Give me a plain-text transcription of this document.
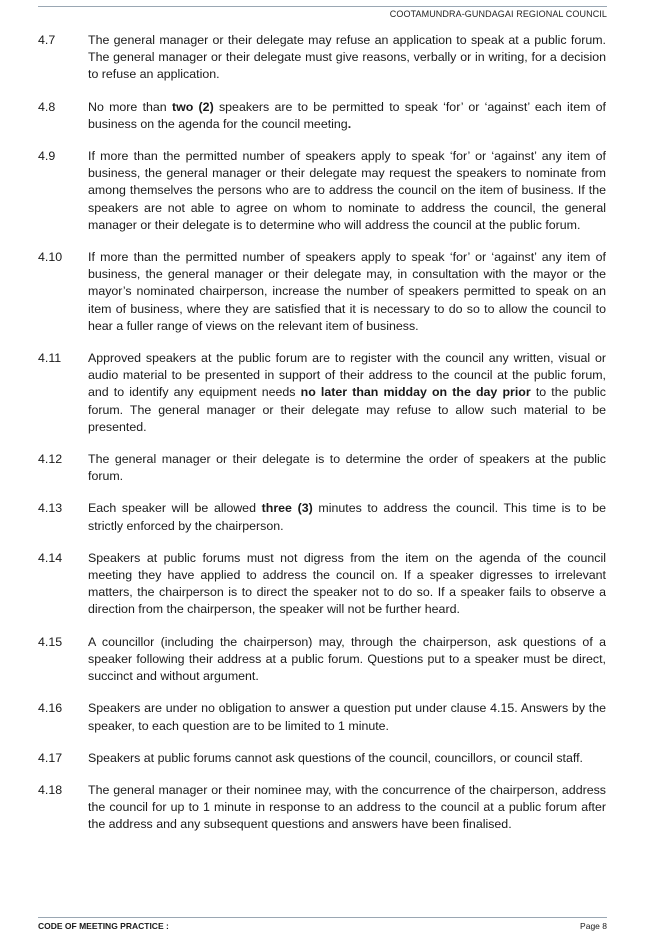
COOTAMUNDRA-GUNDAGAI REGIONAL COUNCIL
4.7	The general manager or their delegate may refuse an application to speak at a public forum. The general manager or their delegate must give reasons, verbally or in writing, for a decision to refuse an application.
4.8	No more than two (2) speakers are to be permitted to speak ‘for’ or ‘against’ each item of business on the agenda for the council meeting.
4.9	If more than the permitted number of speakers apply to speak ‘for’ or ‘against’ any item of business, the general manager or their delegate may request the speakers to nominate from among themselves the persons who are to address the council on the item of business. If the speakers are not able to agree on whom to nominate to address the council, the general manager or their delegate is to determine who will address the council at the public forum.
4.10	If more than the permitted number of speakers apply to speak ‘for’ or ‘against’ any item of business, the general manager or their delegate may, in consultation with the mayor or the mayor’s nominated chairperson, increase the number of speakers permitted to speak on an item of business, where they are satisfied that it is necessary to do so to allow the council to hear a fuller range of views on the relevant item of business.
4.11	Approved speakers at the public forum are to register with the council any written, visual or audio material to be presented in support of their address to the council at the public forum, and to identify any equipment needs no later than midday on the day prior to the public forum. The general manager or their delegate may refuse to allow such material to be presented.
4.12	The general manager or their delegate is to determine the order of speakers at the public forum.
4.13	Each speaker will be allowed three (3) minutes to address the council. This time is to be strictly enforced by the chairperson.
4.14	Speakers at public forums must not digress from the item on the agenda of the council meeting they have applied to address the council on. If a speaker digresses to irrelevant matters, the chairperson is to direct the speaker not to do so. If a speaker fails to observe a direction from the chairperson, the speaker will not be further heard.
4.15	A councillor (including the chairperson) may, through the chairperson, ask questions of a speaker following their address at a public forum. Questions put to a speaker must be direct, succinct and without argument.
4.16	Speakers are under no obligation to answer a question put under clause 4.15. Answers by the speaker, to each question are to be limited to 1 minute.
4.17	Speakers at public forums cannot ask questions of the council, councillors, or council staff.
4.18	The general manager or their nominee may, with the concurrence of the chairperson, address the council for up to 1 minute in response to an address to the council at a public forum after the address and any subsequent questions and answers have been finalised.
CODE OF MEETING PRACTICE :	Page 8
